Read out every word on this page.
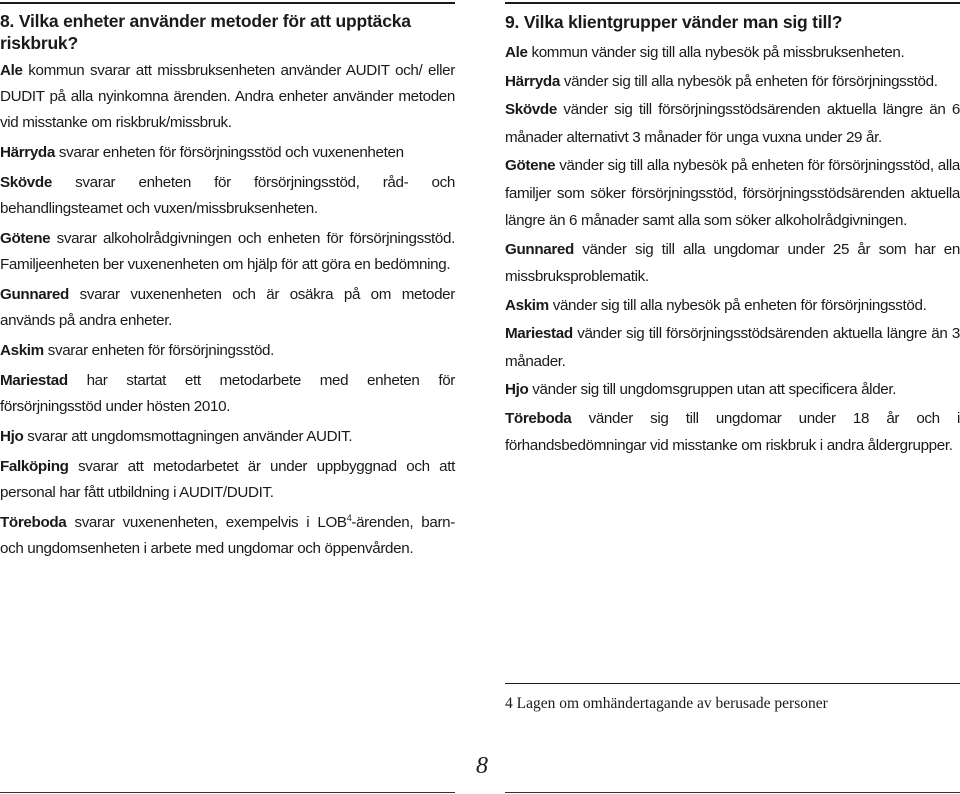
8. Vilka enheter använder metoder för att upptäcka riskbruk?

Ale kommun svarar att missbruksenheten använder AUDIT och/ eller DUDIT på alla nyinkomna ärenden. Andra enheter använder metoden vid misstanke om riskbruk/missbruk.

Härryda svarar enheten för försörjningsstöd och vuxenenheten

Skövde svarar enheten för försörjningsstöd, råd- och behandlingsteamet och vuxen/missbruksenheten.

Götene svarar alkoholrådgivningen och enheten för försörjningsstöd. Familjeenheten ber vuxenenheten om hjälp för att göra en bedömning.

Gunnared svarar vuxenenheten och är osäkra på om metoder används på andra enheter.

Askim svarar enheten för försörjningsstöd.

Mariestad har startat ett metodarbete med enheten för försörjningsstöd under hösten 2010.

Hjo svarar att ungdomsmottagningen använder AUDIT.

Falköping svarar att metodarbetet är under uppbyggnad och att personal har fått utbildning i AUDIT/DUDIT.

Töreboda svarar vuxenenheten, exempelvis i LOB$^4$-ärenden, barn- och ungdomsenheten i arbete med ungdomar och öppenvården.

9. Vilka klientgrupper vänder man sig till?

Ale kommun vänder sig till alla nybesök på missbruksenheten.

Härryda vänder sig till alla nybesök på enheten för försörjningsstöd.

Skövde vänder sig till försörjningsstödsärenden aktuella längre än 6 månader alternativt 3 månader för unga vuxna under 29 år.

Götene vänder sig till alla nybesök på enheten för försörjningsstöd, alla familjer som söker försörjningsstöd, försörjningsstödsärenden aktuella längre än 6 månader samt alla som söker alkoholrådgivningen.

Gunnared vänder sig till alla ungdomar under 25 år som har en missbruksproblematik.

Askim vänder sig till alla nybesök på enheten för försörjningsstöd.

Mariestad vänder sig till försörjningsstödsärenden aktuella längre än 3 månader.

Hjo vänder sig till ungdomsgruppen utan att specificera ålder.

Töreboda vänder sig till ungdomar under 18 år och i förhandsbedömningar vid misstanke om riskbruk i andra åldergrupper.

4 Lagen om omhändertagande av berusade personer
8
